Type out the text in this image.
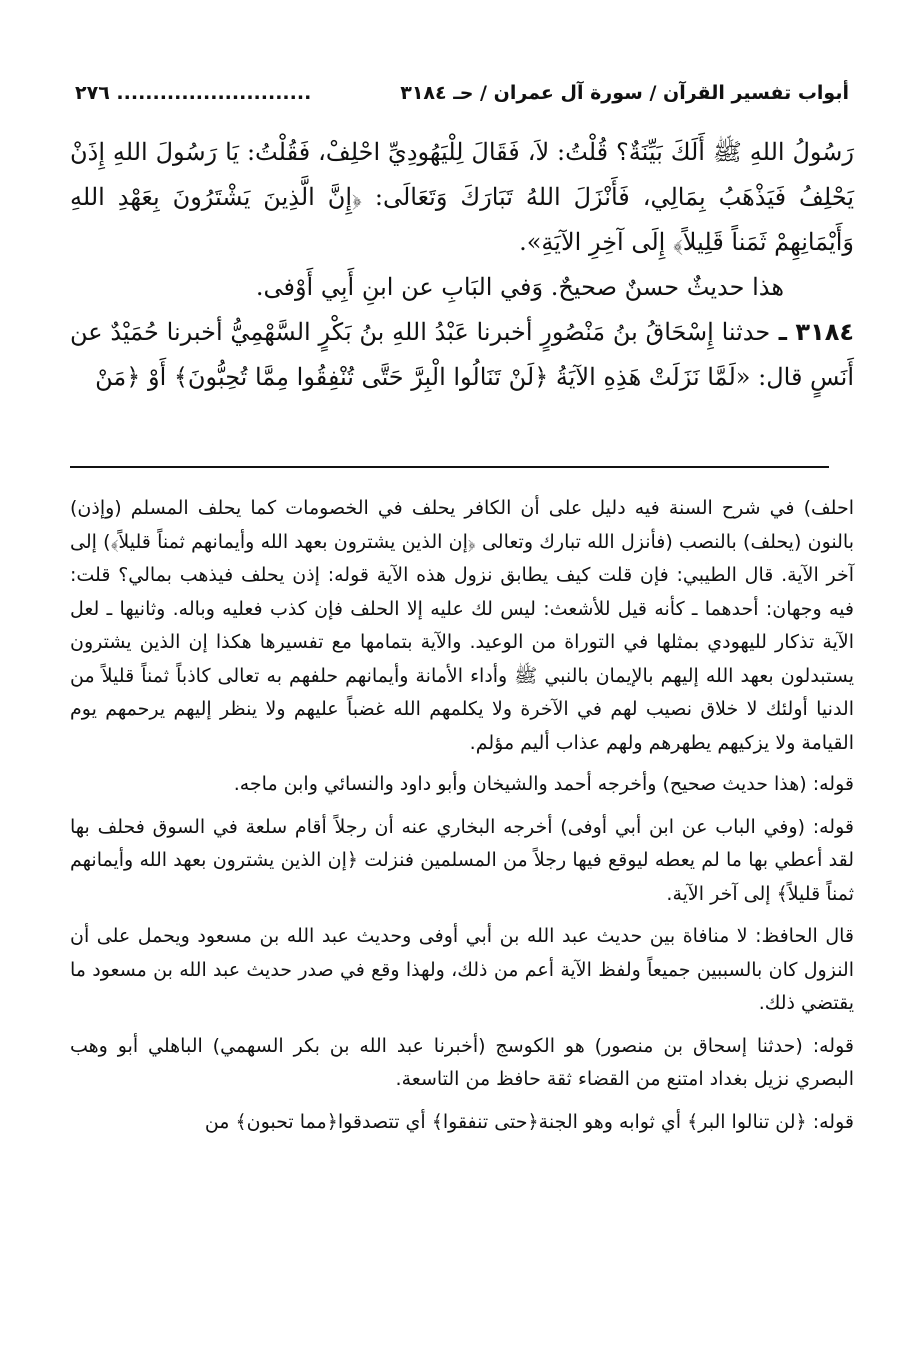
أبواب تفسير القرآن / سورة آل عمران / حـ ٣١٨٤
........................... ٢٧٦

رَسُولُ اللهِ ﷺ أَلَكَ بَيِّنَةٌ؟ قُلْتُ: لاَ، فَقَالَ لِلْيَهُودِيِّ احْلِفْ، فَقُلْتُ: يَا رَسُولَ اللهِ إِذَنْ يَحْلِفُ فَيَذْهَبُ بِمَالِي، فَأَنْزَلَ اللهُ تَبَارَكَ وَتَعَالَى: ﴿إِنَّ الَّذِينَ يَشْتَرُونَ بِعَهْدِ اللهِ وَأَيْمَانِهِمْ ثَمَناً قَلِيلاً﴾ إِلَى آخِرِ الآيَةِ».

هذا حديثٌ حسنٌ صحيحٌ. وَفي البَابِ عن ابنِ أَبِي أَوْفى.

٣١٨٤ ـ حدثنا إِسْحَاقُ بنُ مَنْصُورٍ أخبرنا عَبْدُ اللهِ بنُ بَكْرٍ السَّهْمِيُّ أخبرنا حُمَيْدٌ عن أَنَسٍ قال: «لَمَّا نَزَلَتْ هَذِهِ الآيَةُ ﴿لَنْ تَنَالُوا الْبِرَّ حَتَّى تُنْفِقُوا مِمَّا تُحِبُّونَ﴾ أَوْ ﴿مَنْ

احلف) في شرح السنة فيه دليل على أن الكافر يحلف في الخصومات كما يحلف المسلم (وإذن) بالنون (يحلف) بالنصب (فأنزل الله تبارك وتعالى ﴿إن الذين يشترون بعهد الله وأيمانهم ثمناً قليلاً﴾) إلى آخر الآية. قال الطيبي: فإن قلت كيف يطابق نزول هذه الآية قوله: إذن يحلف فيذهب بمالي؟ قلت: فيه وجهان: أحدهما ـ كأنه قيل للأشعث: ليس لك عليه إلا الحلف فإن كذب فعليه وباله. وثانيها ـ لعل الآية تذكار لليهودي بمثلها في التوراة من الوعيد. والآية بتمامها مع تفسيرها هكذا إن الذين يشترون يستبدلون بعهد الله إليهم بالإيمان بالنبي ﷺ وأداء الأمانة وأيمانهم حلفهم به تعالى كاذباً ثمناً قليلاً من الدنيا أولئك لا خلاق نصيب لهم في الآخرة ولا يكلمهم الله غضباً عليهم ولا ينظر إليهم يرحمهم يوم القيامة ولا يزكيهم يطهرهم ولهم عذاب أليم مؤلم.

قوله: (هذا حديث صحيح) وأخرجه أحمد والشيخان وأبو داود والنسائي وابن ماجه.

قوله: (وفي الباب عن ابن أبي أوفى) أخرجه البخاري عنه أن رجلاً أقام سلعة في السوق فحلف بها لقد أعطي بها ما لم يعطه ليوقع فيها رجلاً من المسلمين فنزلت ﴿إن الذين يشترون بعهد الله وأيمانهم ثمناً قليلاً﴾ إلى آخر الآية.

قال الحافظ: لا منافاة بين حديث عبد الله بن أبي أوفى وحديث عبد الله بن مسعود ويحمل على أن النزول كان بالسببين جميعاً ولفظ الآية أعم من ذلك، ولهذا وقع في صدر حديث عبد الله بن مسعود ما يقتضي ذلك.

قوله: (حدثنا إسحاق بن منصور) هو الكوسج (أخبرنا عبد الله بن بكر السهمي) الباهلي أبو وهب البصري نزيل بغداد امتنع من القضاء ثقة حافظ من التاسعة.

قوله: ﴿لن تنالوا البر﴾ أي ثوابه وهو الجنة﴿حتى تنفقوا﴾ أي تتصدقوا﴿مما تحبون﴾ من
